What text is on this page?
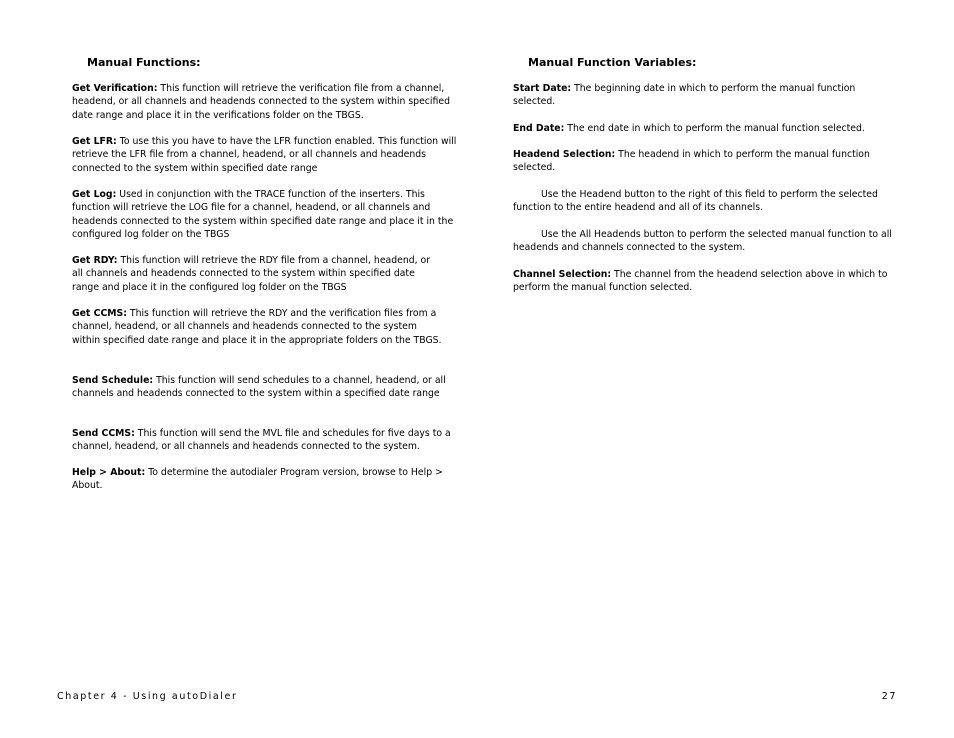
Manual Functions:

Get Verification: This function will retrieve the verification file from a channel, headend, or all channels and headends connected to the system within specified date range and place it in the verifications folder on the TBGS.

Get LFR: To use this you have to have the LFR function enabled. This function will retrieve the LFR file from a channel, headend, or all channels and headends connected to the system within specified date range

Get Log: Used in conjunction with the TRACE function of the inserters. This function will retrieve the LOG file for a channel, headend, or all channels and headends connected to the system within specified date range and place it in the configured log folder on the TBGS

Get RDY: This function will retrieve the RDY file from a channel, headend, or all channels and headends connected to the system within specified date range and place it in the configured log folder on the TBGS

Get CCMS: This function will retrieve the RDY and the verification files from a channel, headend, or all channels and headends connected to the system within specified date range and place it in the appropriate folders on the TBGS.

Send Schedule: This function will send schedules to a channel, headend, or all channels and headends connected to the system within a specified date range

Send CCMS: This function will send the MVL file and schedules for five days to a channel, headend, or all channels and headends connected to the system.

Help > About: To determine the autodialer Program version, browse to Help > About.

Manual Function Variables:

Start Date: The beginning date in which to perform the manual function selected.

End Date: The end date in which to perform the manual function selected.

Headend Selection: The headend in which to perform the manual function selected.

Use the Headend button to the right of this field to perform the selected function to the entire headend and all of its channels.

Use the All Headends button to perform the selected manual function to all headends and channels connected to the system.

Channel Selection: The channel from the headend selection above in which to perform the manual function selected.

Chapter 4 - Using autoDialer	27
